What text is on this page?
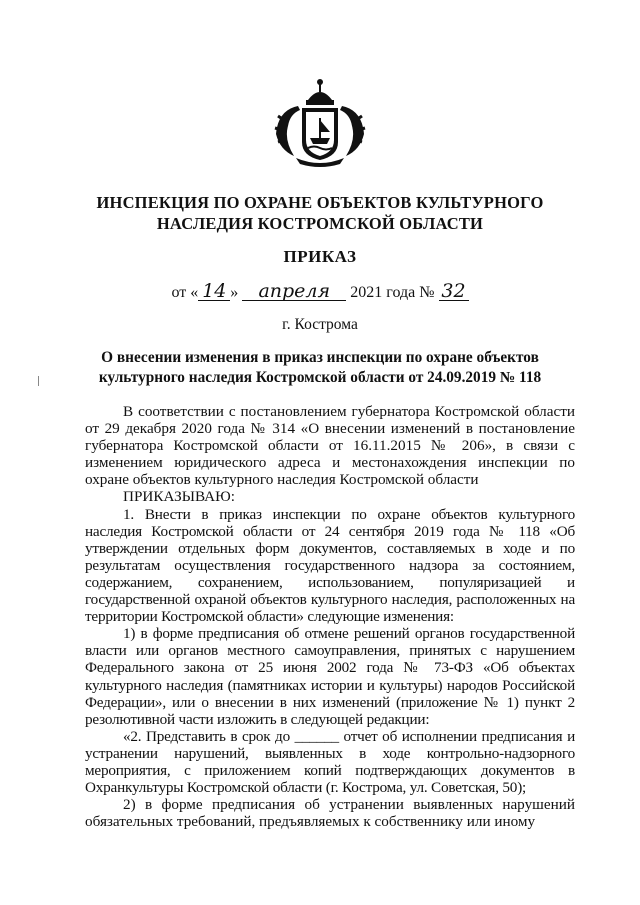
ИНСПЕКЦИЯ ПО ОХРАНЕ ОБЪЕКТОВ КУЛЬТУРНОГО
НАСЛЕДИЯ КОСТРОМСКОЙ ОБЛАСТИ
ПРИКАЗ
от « 14 » апреля 2021 года № 32
г. Кострома
О внесении изменения в приказ инспекции по охране объектов
культурного наследия Костромской области от 24.09.2019 № 118

В соответствии с постановлением губернатора Костромской области от 29 декабря 2020 года № 314 «О внесении изменений в постановление губернатора Костромской области от 16.11.2015 № 206», в связи с изменением юридического адреса и местонахождения инспекции по охране объектов культурного наследия Костромской области

ПРИКАЗЫВАЮ:

1. Внести в приказ инспекции по охране объектов культурного наследия Костромской области от 24 сентября 2019 года № 118 «Об утверждении отдельных форм документов, составляемых в ходе и по результатам осуществления государственного надзора за состоянием, содержанием, сохранением, использованием, популяризацией и государственной охраной объектов культурного наследия, расположенных на территории Костромской области» следующие изменения:

1) в форме предписания об отмене решений органов государственной власти или органов местного самоуправления, принятых с нарушением Федерального закона от 25 июня 2002 года № 73-ФЗ «Об объектах культурного наследия (памятниках истории и культуры) народов Российской Федерации», или о внесении в них изменений (приложение № 1) пункт 2 резолютивной части изложить в следующей редакции:

«2. Представить в срок до ______ отчет об исполнении предписания и устранении нарушений, выявленных в ходе контрольно-надзорного мероприятия, с приложением копий подтверждающих документов в Охранкультуры Костромской области (г. Кострома, ул. Советская, 50);

2) в форме предписания об устранении выявленных нарушений обязательных требований, предъявляемых к собственнику или иному
